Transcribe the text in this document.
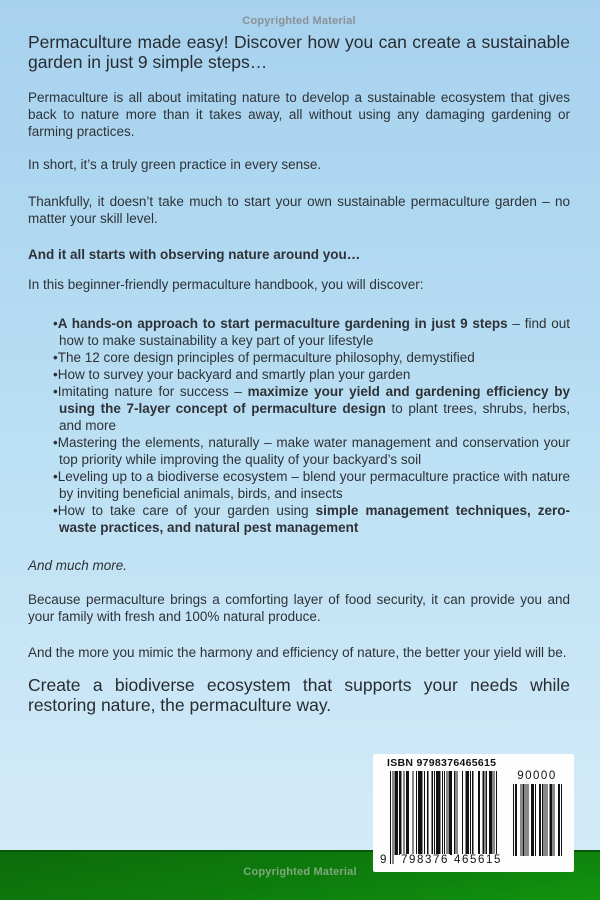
Copyrighted Material
Permaculture made easy! Discover how you can create a sustainable garden in just 9 simple steps…
Permaculture is all about imitating nature to develop a sustainable ecosystem that gives back to nature more than it takes away, all without using any damaging gardening or farming practices.
In short, it’s a truly green practice in every sense.
Thankfully, it doesn’t take much to start your own sustainable permaculture garden – no matter your skill level.
And it all starts with observing nature around you…
In this beginner-friendly permaculture handbook, you will discover:
• A hands-on approach to start permaculture gardening in just 9 steps – find out how to make sustainability a key part of your lifestyle
• The 12 core design principles of permaculture philosophy, demystified
• How to survey your backyard and smartly plan your garden
• Imitating nature for success – maximize your yield and gardening efficiency by using the 7-layer concept of permaculture design to plant trees, shrubs, herbs, and more
• Mastering the elements, naturally – make water management and conservation your top priority while improving the quality of your backyard’s soil
• Leveling up to a biodiverse ecosystem – blend your permaculture practice with nature by inviting beneficial animals, birds, and insects
• How to take care of your garden using simple management techniques, zero-waste practices, and natural pest management
And much more.
Because permaculture brings a comforting layer of food security, it can provide you and your family with fresh and 100% natural produce.
And the more you mimic the harmony and efficiency of nature, the better your yield will be.
Create a biodiverse ecosystem that supports your needs while restoring nature, the permaculture way.
ISBN 9798376465615
9 798376 465615
90000
Copyrighted Material
